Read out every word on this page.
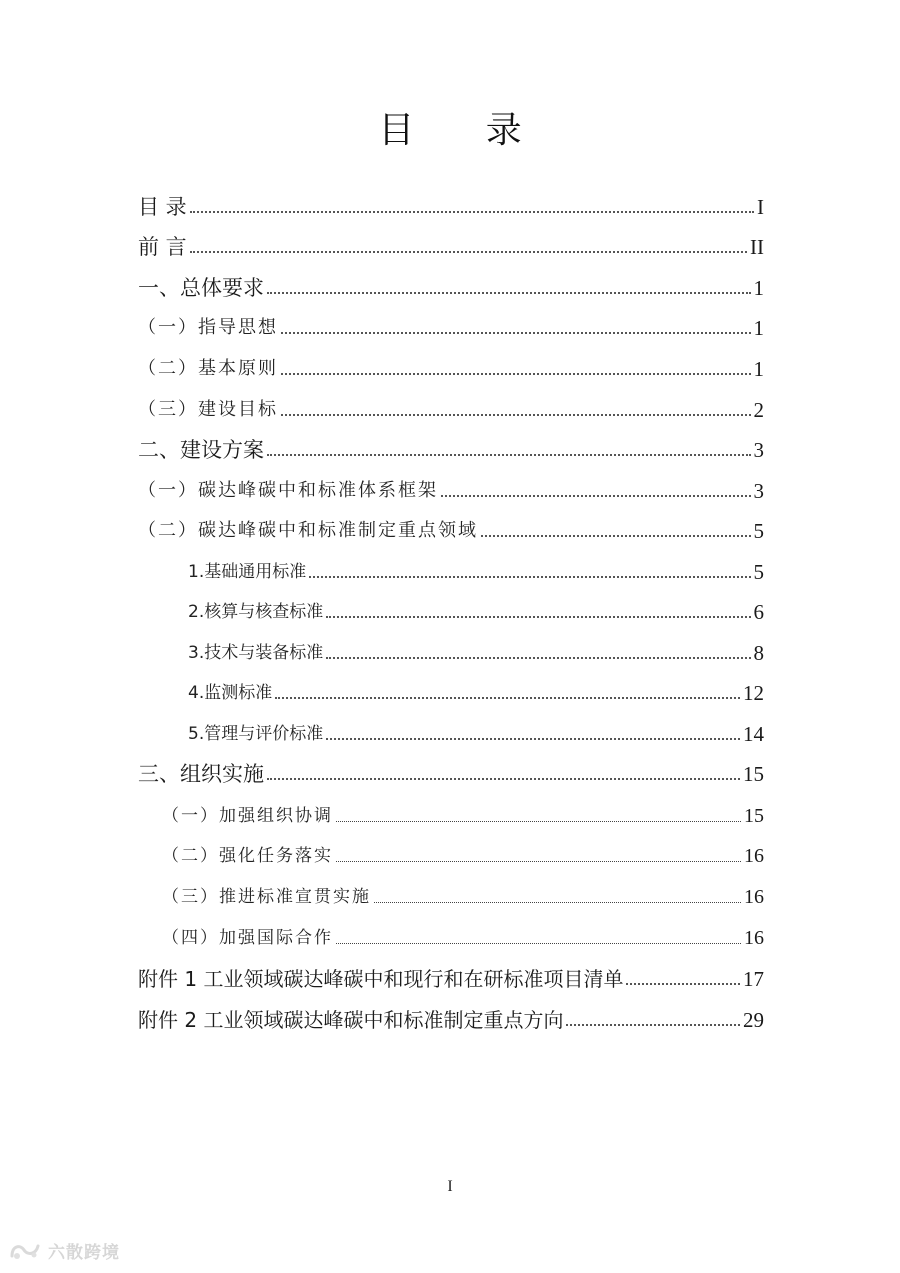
目 录
目 录	I
前 言	II
一、总体要求	1
（一）指导思想	1
（二）基本原则	1
（三）建设目标	2
二、建设方案	3
（一）碳达峰碳中和标准体系框架	3
（二）碳达峰碳中和标准制定重点领域	5
1.基础通用标准	5
2.核算与核查标准	6
3.技术与装备标准	8
4.监测标准	12
5.管理与评价标准	14
三、组织实施	15
（一）加强组织协调	15
（二）强化任务落实	16
（三）推进标准宣贯实施	16
（四）加强国际合作	16
附件 1 工业领域碳达峰碳中和现行和在研标准项目清单	17
附件 2 工业领域碳达峰碳中和标准制定重点方向	29
I
六散跨境
